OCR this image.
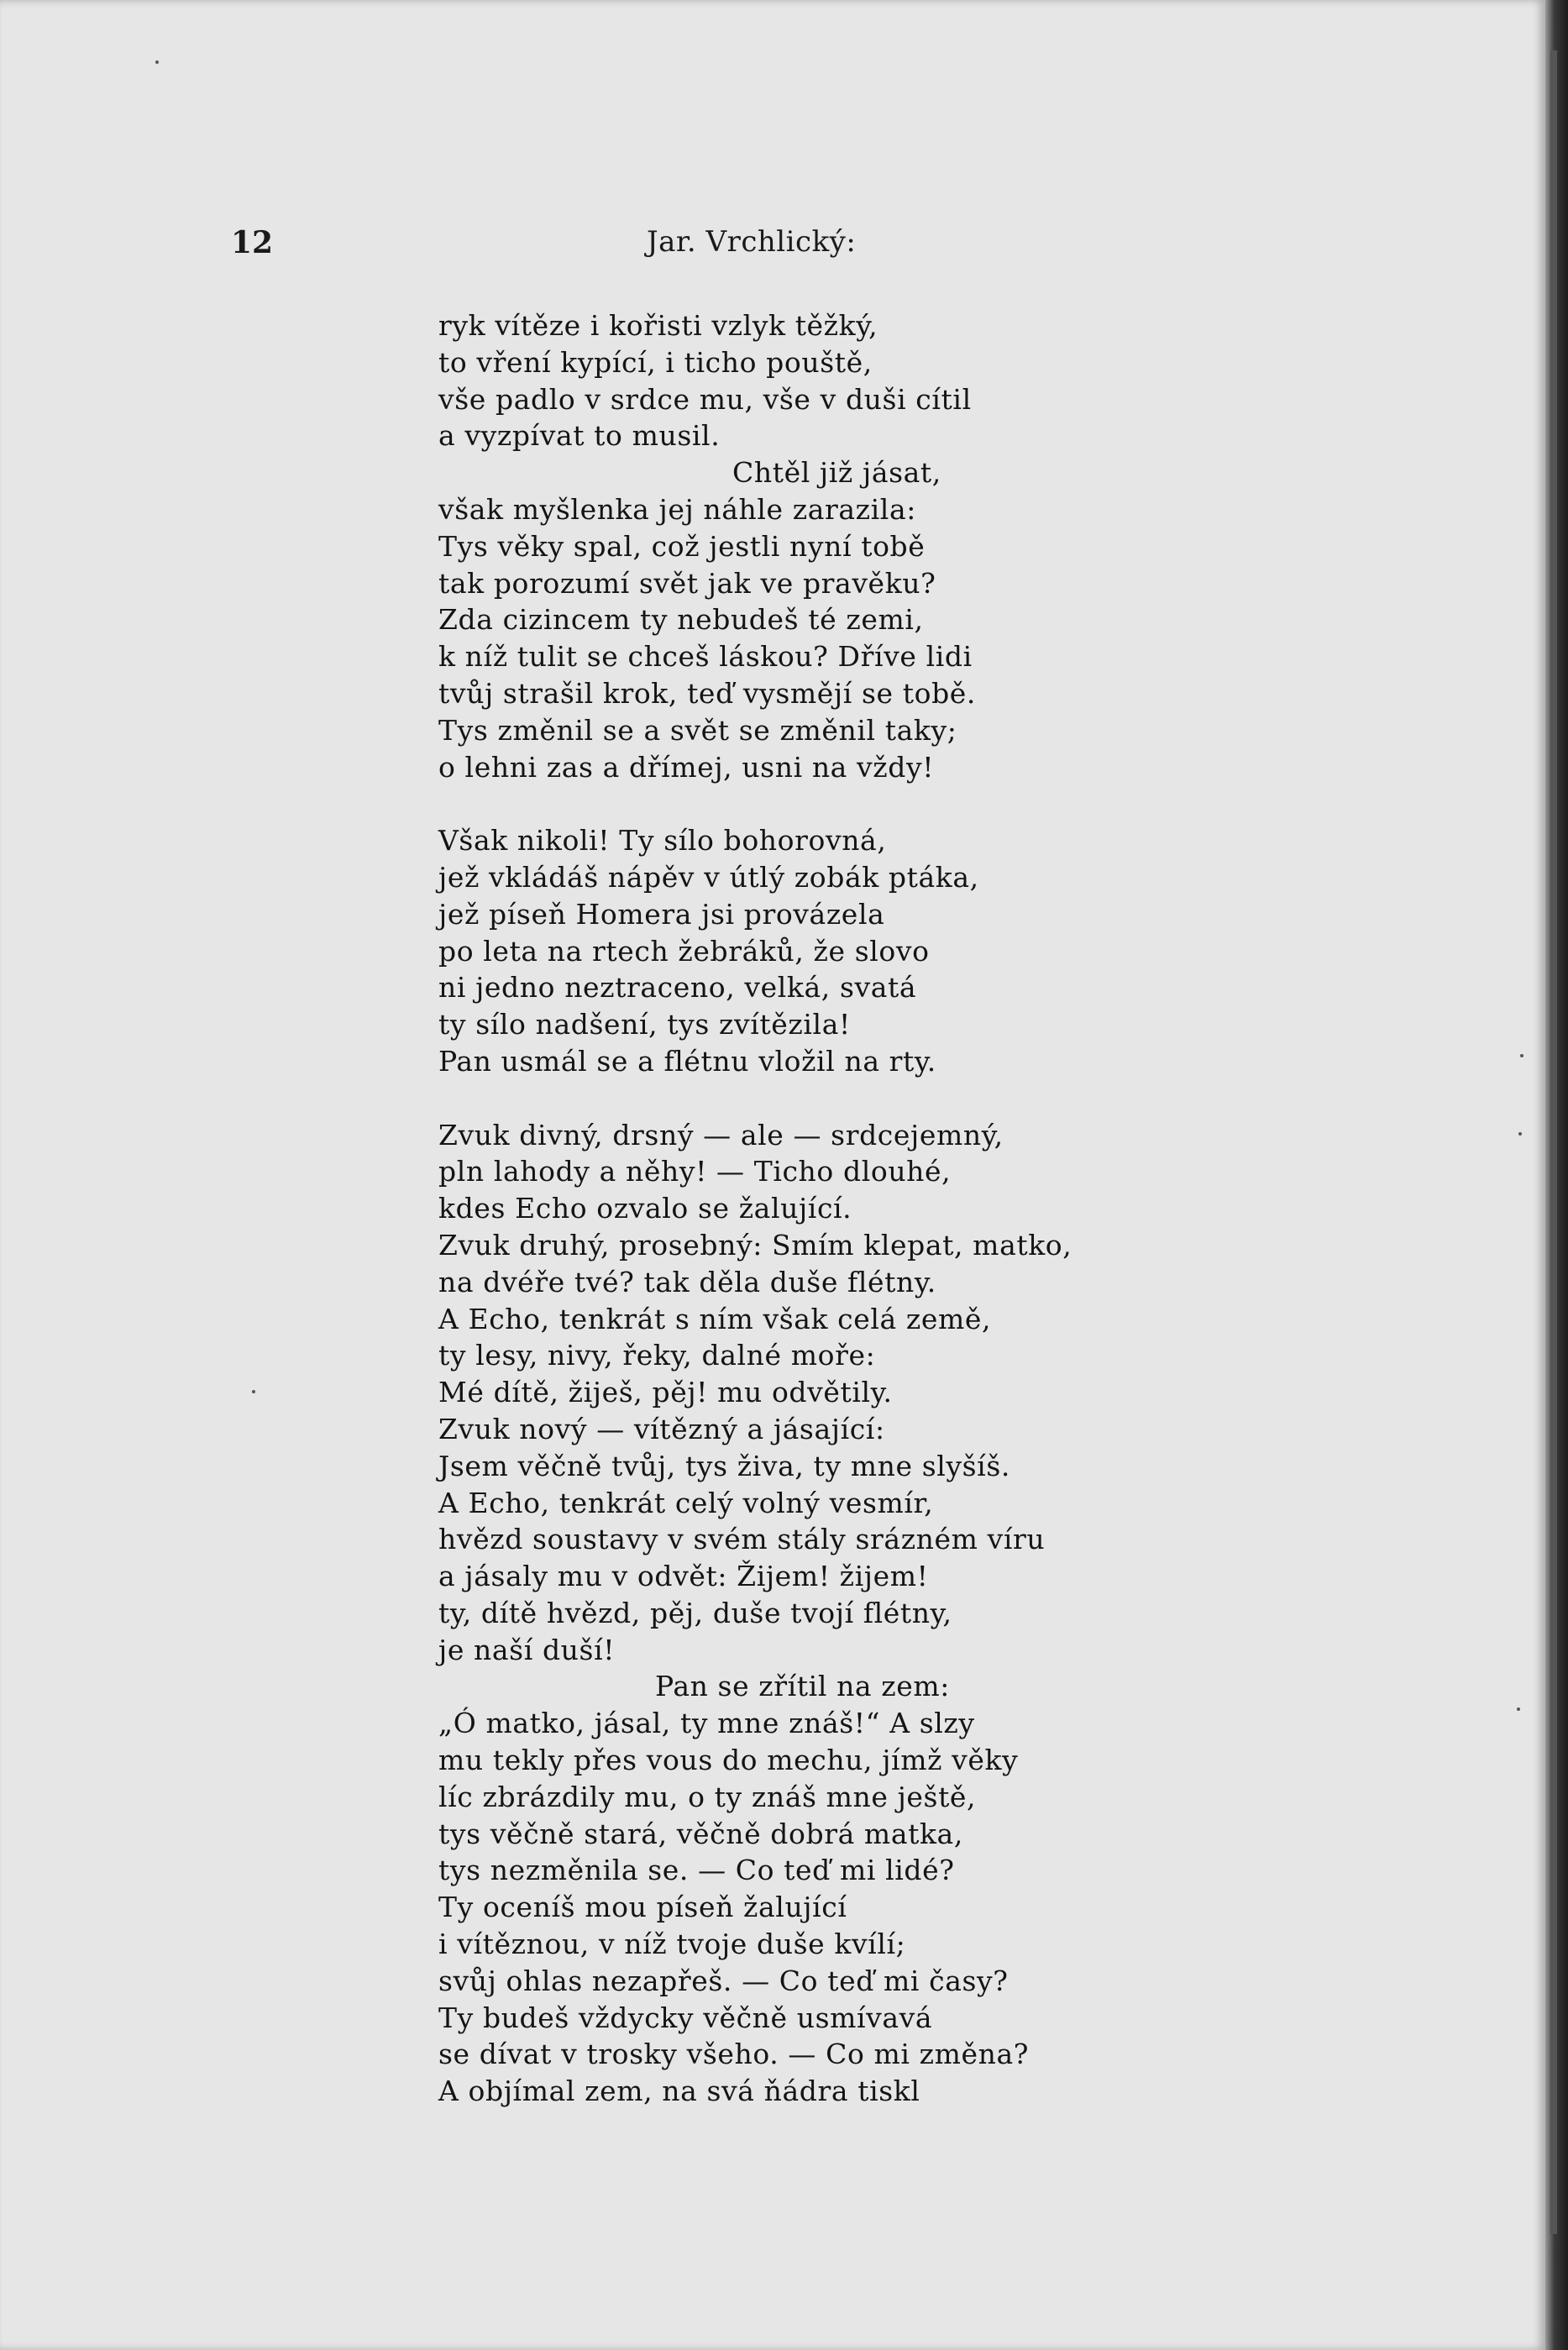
12	Jar. Vrchlický:
ryk vítěze i kořisti vzlyk těžký,
to vření kypící, i ticho pouště,
vše padlo v srdce mu, vše v duši cítil
a vyzpívat to musil.
Chtěl již jásat,
však myšlenka jej náhle zarazila:
Tys věky spal, což jestli nyní tobě
tak porozumí svět jak ve pravěku?
Zda cizincem ty nebudeš té zemi,
k níž tulit se chceš láskou? Dříve lidi
tvůj strašil krok, teď vysmějí se tobě.
Tys změnil se a svět se změnil taky;
o lehni zas a dřímej, usni na vždy!
Však nikoli! Ty sílo bohorovná,
jež vkládáš nápěv v útlý zobák ptáka,
jež píseň Homera jsi provázela
po leta na rtech žebráků, že slovo
ni jedno neztraceno, velká, svatá
ty sílo nadšení, tys zvítězila!
Pan usmál se a flétnu vložil na rty.
Zvuk divný, drsný — ale — srdcejemný,
pln lahody a něhy! — Ticho dlouhé,
kdes Echo ozvalo se žalující.
Zvuk druhý, prosebný: Smím klepat, matko,
na dvéře tvé? tak děla duše flétny.
A Echo, tenkrát s ním však celá země,
ty lesy, nivy, řeky, dalné moře:
Mé dítě, žiješ, pěj! mu odvětily.
Zvuk nový — vítězný a jásající:
Jsem věčně tvůj, tys živa, ty mne slyšíš.
A Echo, tenkrát celý volný vesmír,
hvězd soustavy v svém stály srázném víru
a jásaly mu v odvět: Žijem! žijem!
ty, dítě hvězd, pěj, duše tvojí flétny,
je naší duší!
Pan se zřítil na zem:
„Ó matko, jásal, ty mne znáš!“ A slzy
mu tekly přes vous do mechu, jímž věky
líc zbrázdily mu, o ty znáš mne ještě,
tys věčně stará, věčně dobrá matka,
tys nezměnila se. — Co teď mi lidé?
Ty oceníš mou píseň žalující
i vítěznou, v níž tvoje duše kvílí;
svůj ohlas nezapřeš. — Co teď mi časy?
Ty budeš vždycky věčně usmívavá
se dívat v trosky všeho. — Co mi změna?
A objímal zem, na svá ňádra tiskl
